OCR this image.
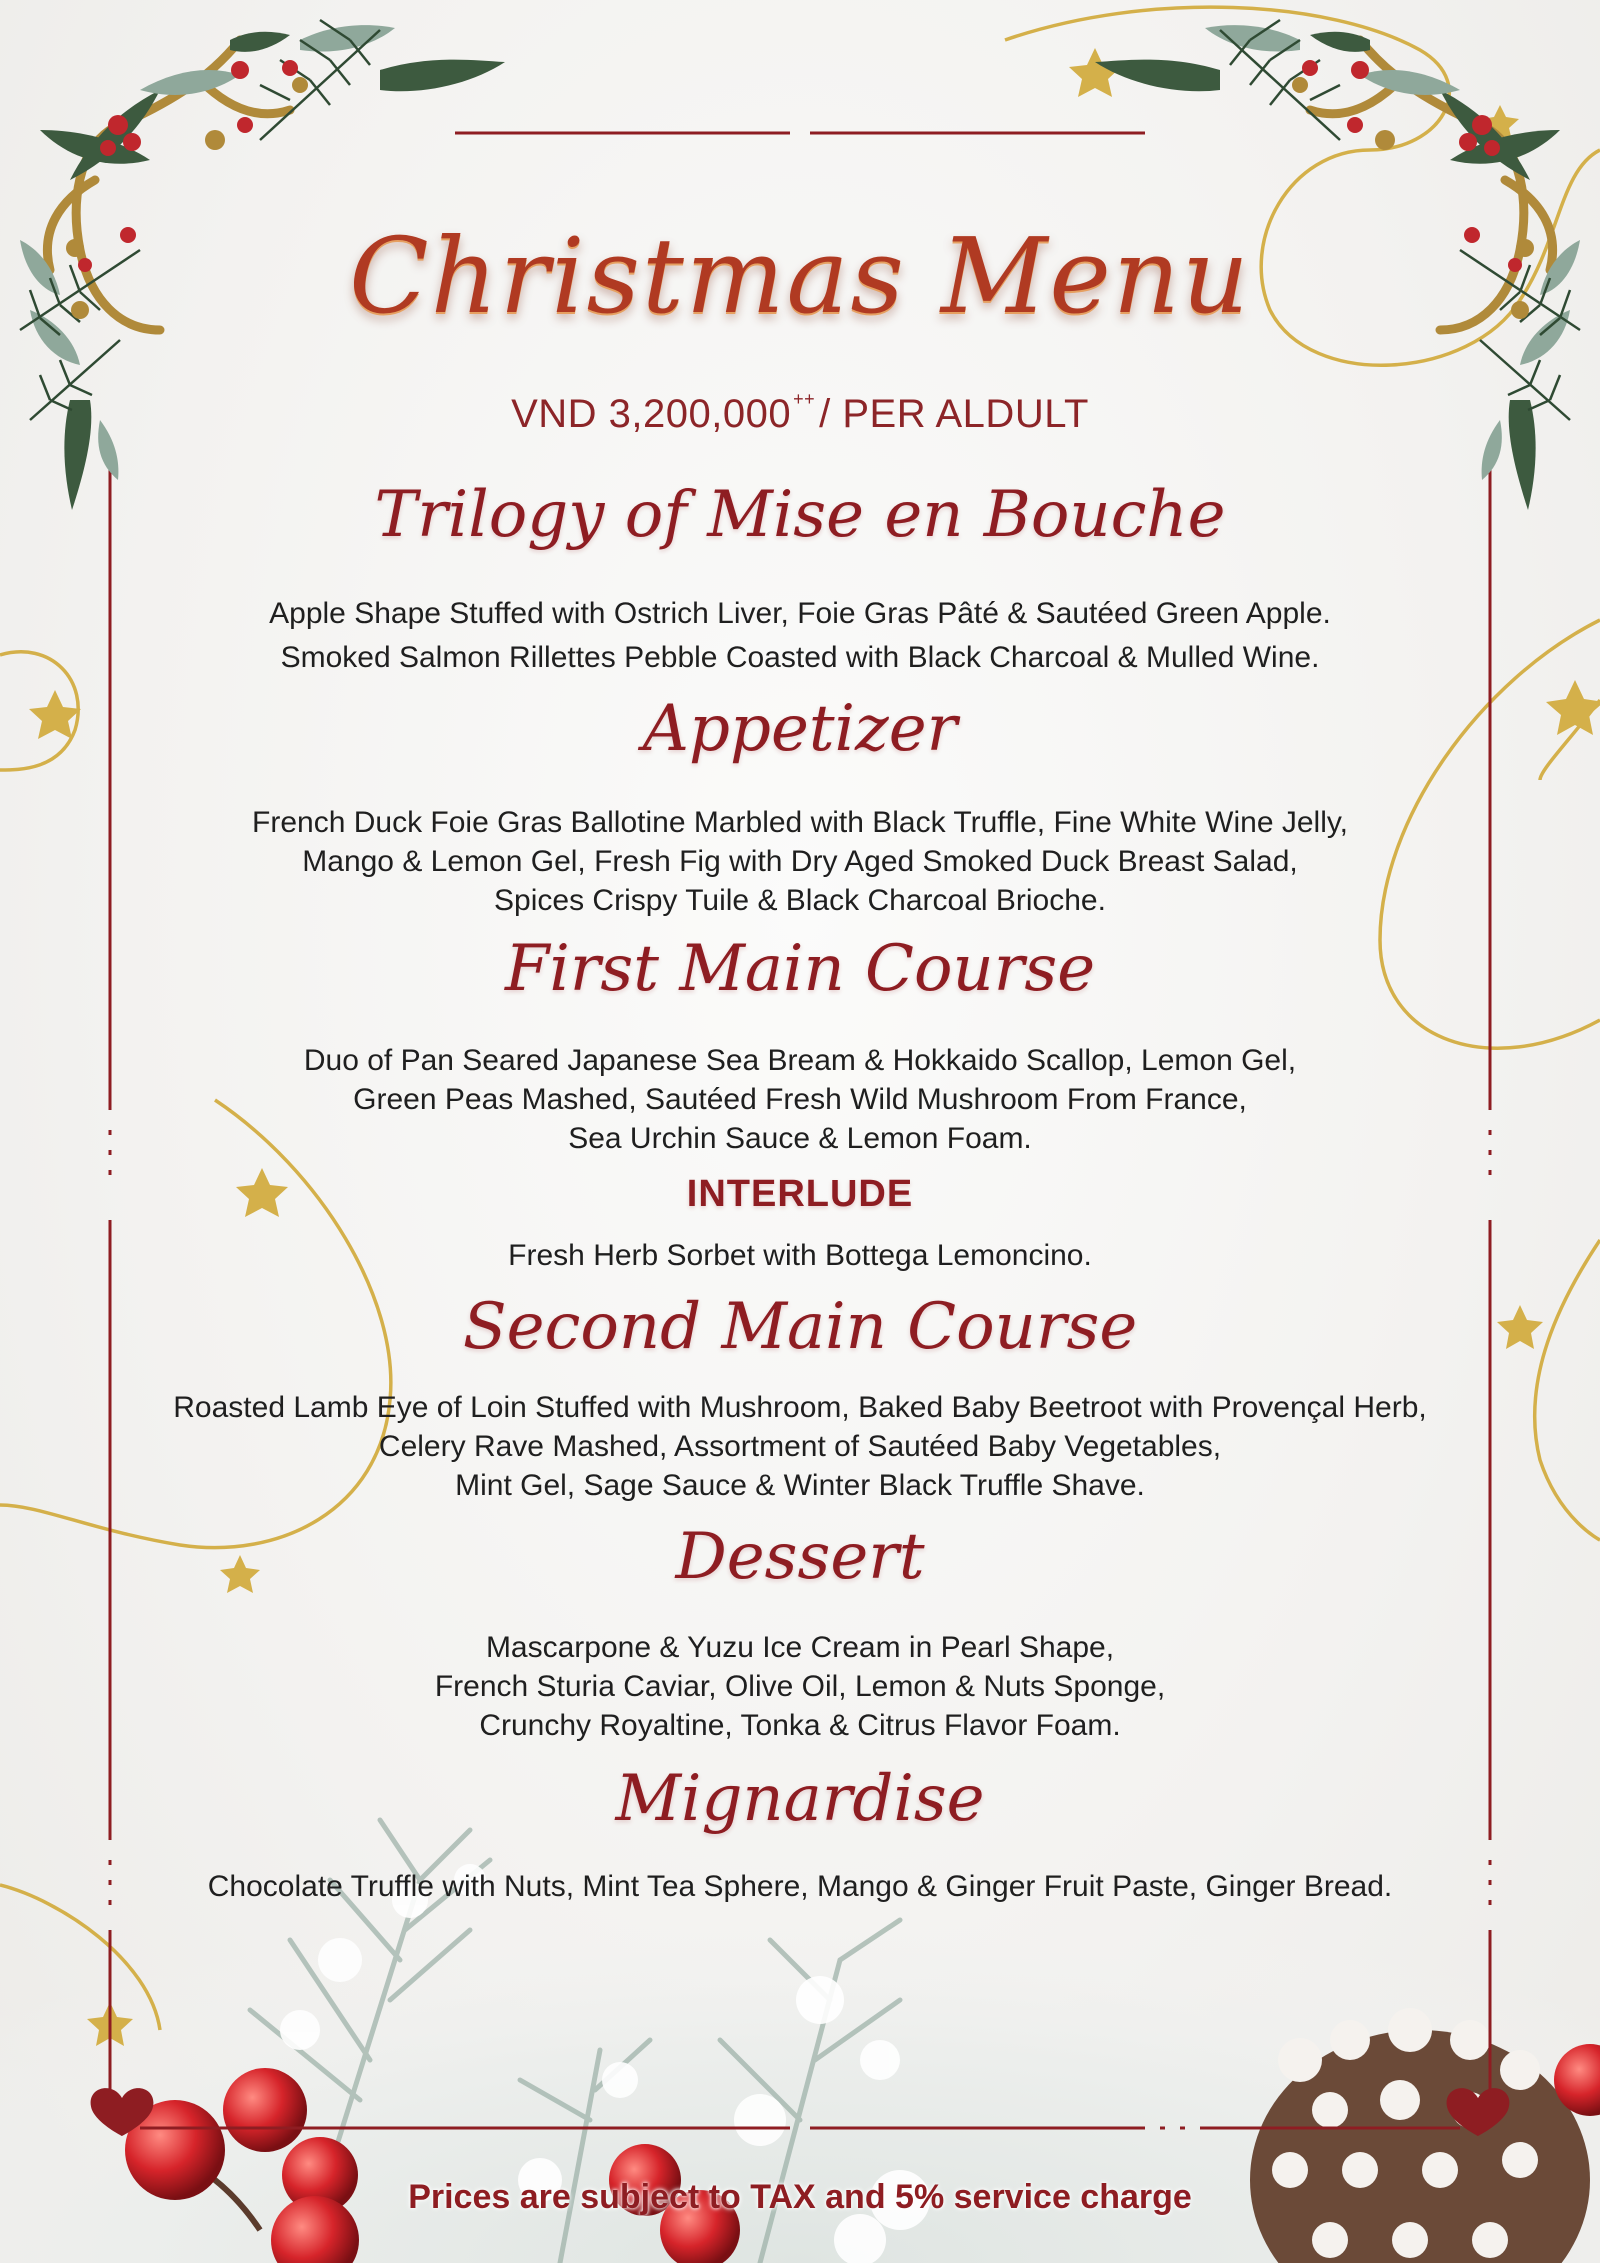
Christmas Menu
VND 3,200,000 ++ / PER ALDULT
Trilogy of Mise en Bouche
Apple Shape Stuffed with Ostrich Liver, Foie Gras Pâté & Sautéed Green Apple.
Smoked Salmon Rillettes Pebble Coasted with Black Charcoal & Mulled Wine.
Appetizer
French Duck Foie Gras Ballotine Marbled with Black Truffle, Fine White Wine Jelly,
Mango & Lemon Gel, Fresh Fig with Dry Aged Smoked Duck Breast Salad,
Spices Crispy Tuile & Black Charcoal Brioche.
First Main Course
Duo of Pan Seared Japanese Sea Bream & Hokkaido Scallop, Lemon Gel,
Green Peas Mashed, Sautéed Fresh Wild Mushroom From France,
Sea Urchin Sauce & Lemon Foam.
INTERLUDE
Fresh Herb Sorbet with Bottega Lemoncino.
Second Main Course
Roasted Lamb Eye of Loin Stuffed with Mushroom, Baked Baby Beetroot with Provençal Herb,
Celery Rave Mashed, Assortment of Sautéed Baby Vegetables,
Mint Gel, Sage Sauce & Winter Black Truffle Shave.
Dessert
Mascarpone & Yuzu Ice Cream in Pearl Shape,
French Sturia Caviar, Olive Oil, Lemon & Nuts Sponge,
Crunchy Royaltine, Tonka & Citrus Flavor Foam.
Mignardise
Chocolate Truffle with Nuts, Mint Tea Sphere, Mango & Ginger Fruit Paste, Ginger Bread.
Prices are subject to TAX and 5% service charge
